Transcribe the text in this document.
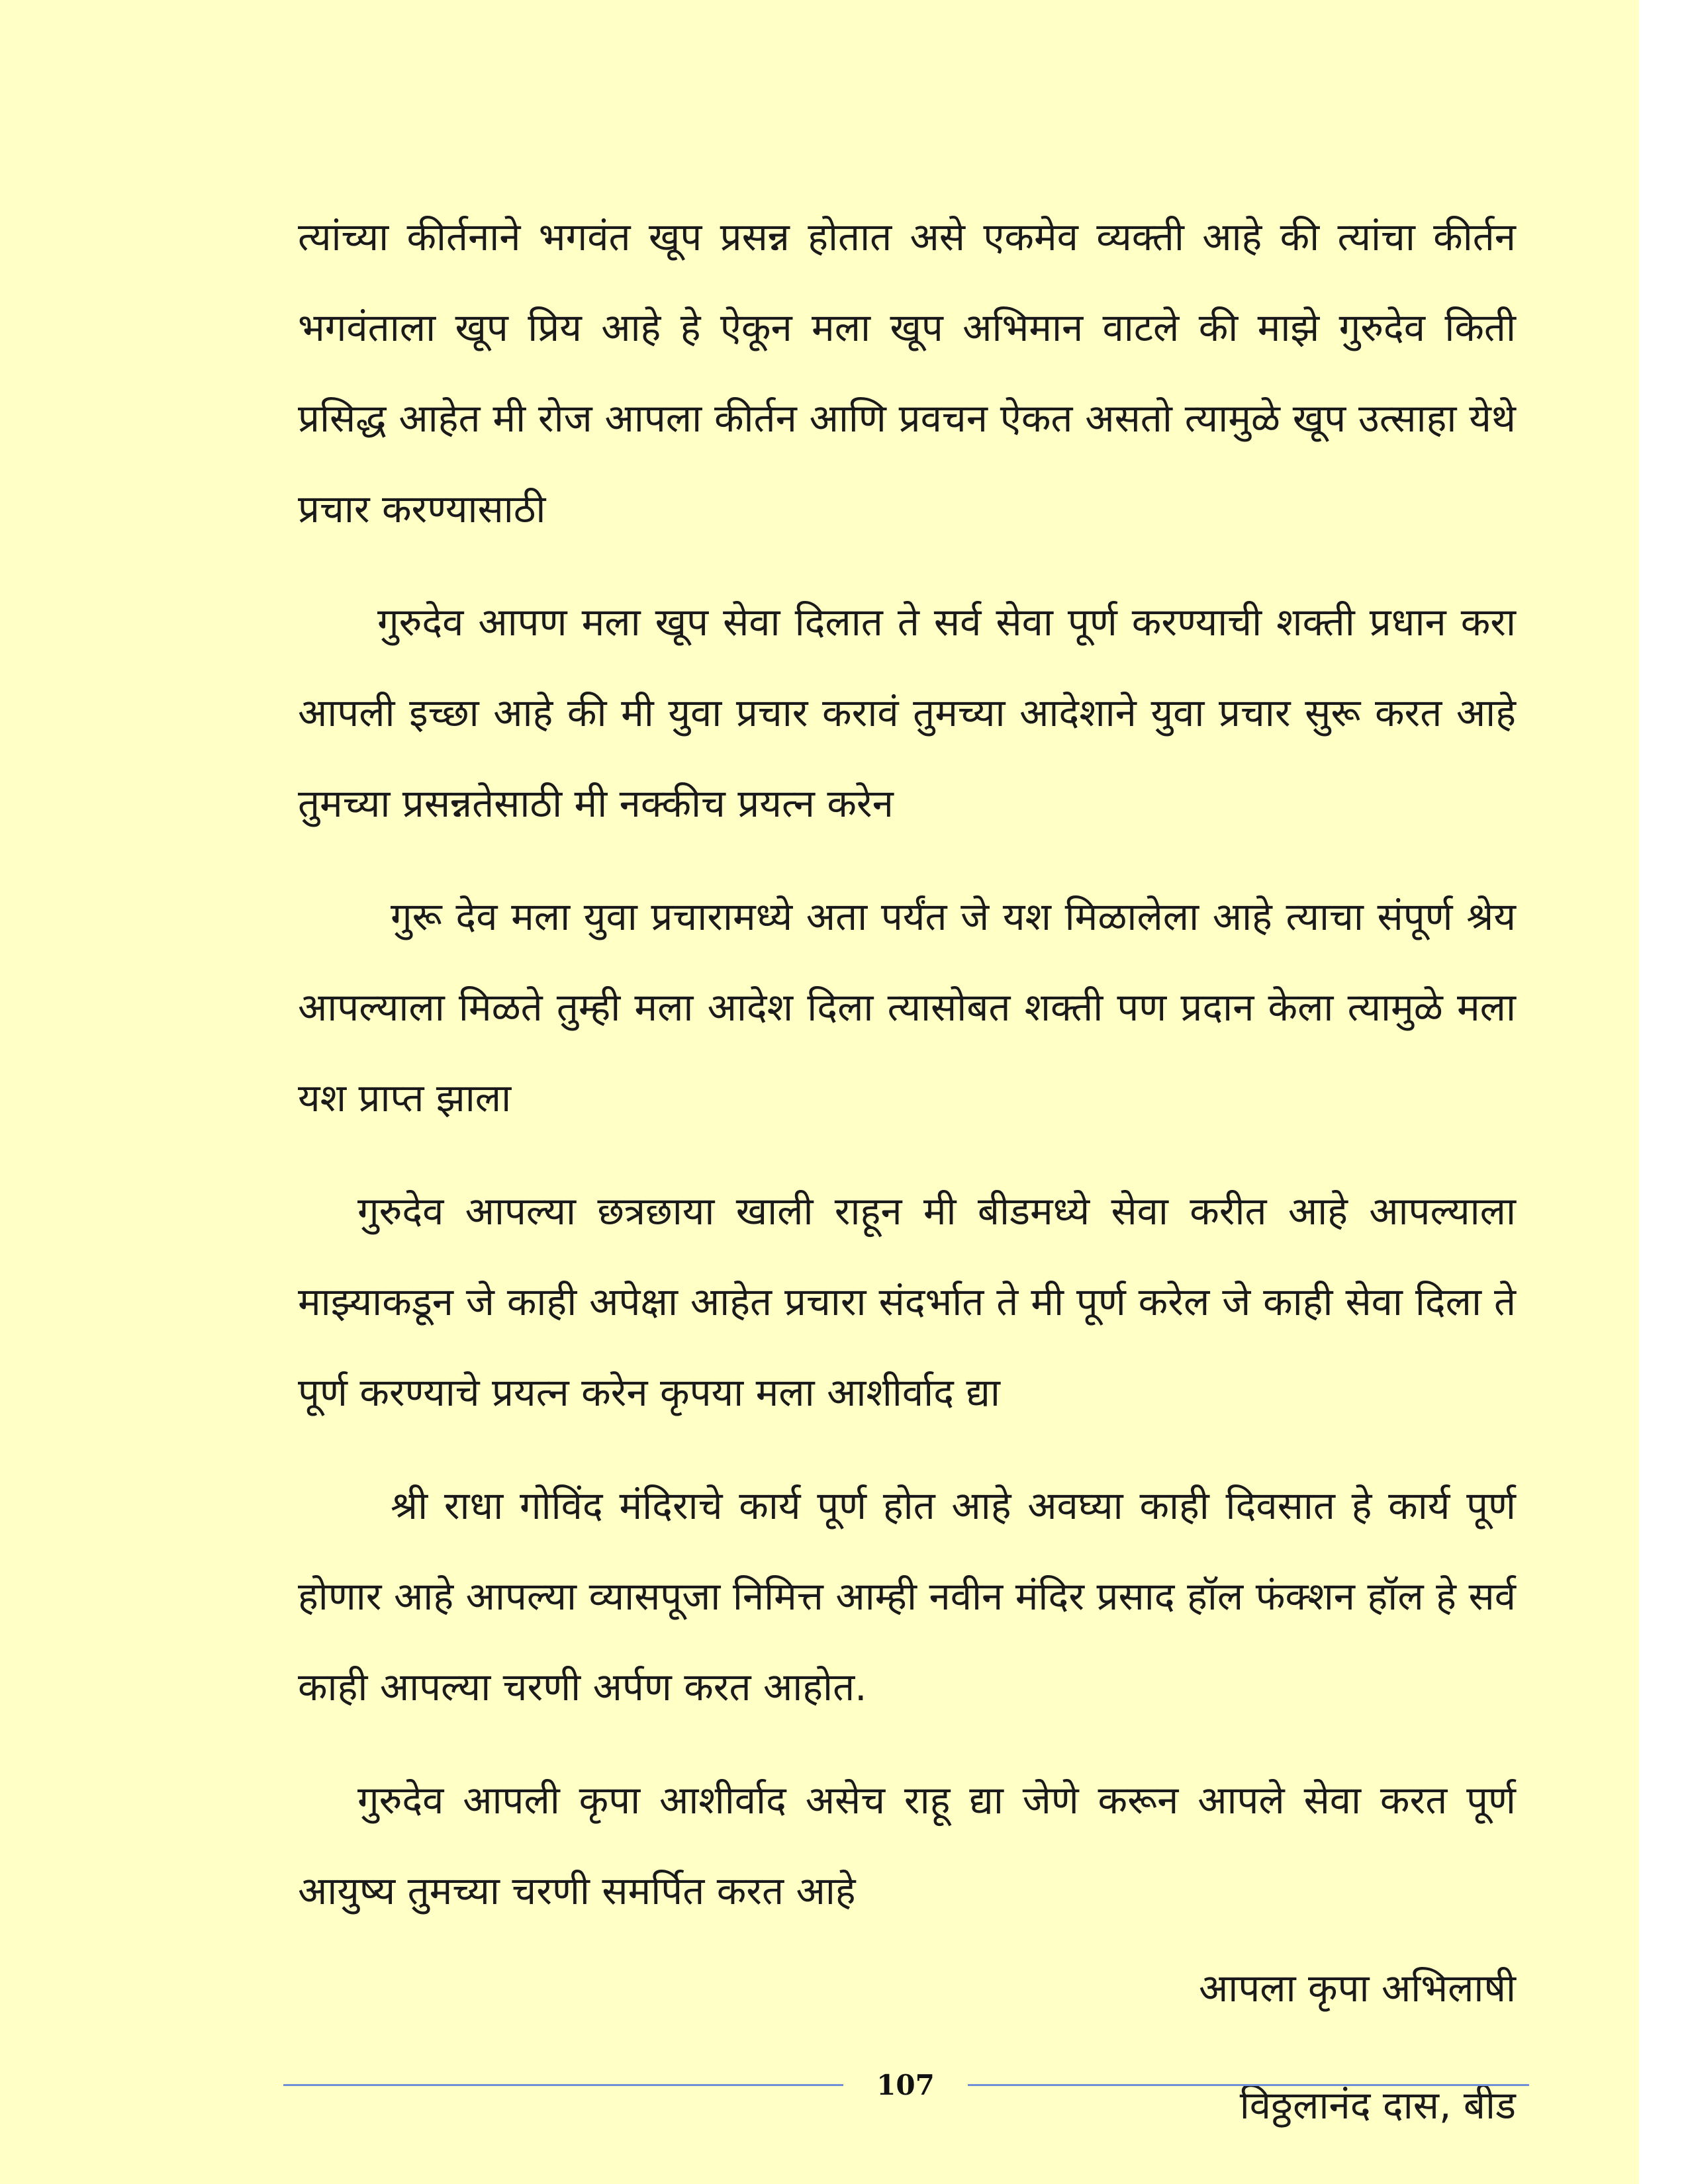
त्यांच्या कीर्तनाने भगवंत खूप प्रसन्न होतात असे एकमेव व्यक्ती आहे की त्यांचा कीर्तन भगवंताला खूप प्रिय आहे हे ऐकून मला खूप अभिमान वाटले की माझे गुरुदेव किती प्रसिद्ध आहेत मी रोज आपला कीर्तन आणि प्रवचन ऐकत असतो त्यामुळे खूप उत्साहा येथे प्रचार करण्यासाठी

गुरुदेव आपण मला खूप सेवा दिलात ते सर्व सेवा पूर्ण करण्याची शक्ती प्रधान करा आपली इच्छा आहे की मी युवा प्रचार करावं तुमच्या आदेशाने युवा प्रचार सुरू करत आहे तुमच्या प्रसन्नतेसाठी मी नक्कीच प्रयत्न करेन

गुरू देव मला युवा प्रचारामध्ये अता पर्यंत जे यश मिळालेला आहे त्याचा संपूर्ण श्रेय आपल्याला मिळते तुम्ही मला आदेश दिला त्यासोबत शक्ती पण प्रदान केला त्यामुळे मला यश प्राप्त झाला

गुरुदेव आपल्या छत्रछाया खाली राहून मी बीडमध्ये सेवा करीत आहे आपल्याला माझ्याकडून जे काही अपेक्षा आहेत प्रचारा संदर्भात ते मी पूर्ण करेल जे काही सेवा दिला ते पूर्ण करण्याचे प्रयत्न करेन कृपया मला आशीर्वाद द्या

श्री राधा गोविंद मंदिराचे कार्य पूर्ण होत आहे अवघ्या काही दिवसात हे कार्य पूर्ण होणार आहे आपल्या व्यासपूजा निमित्त आम्ही नवीन मंदिर प्रसाद हॉल फंक्शन हॉल हे सर्व काही आपल्या चरणी अर्पण करत आहोत.

गुरुदेव आपली कृपा आशीर्वाद असेच राहू द्या जेणे करून आपले सेवा करत पूर्ण आयुष्य तुमच्या चरणी समर्पित करत आहे

आपला कृपा अभिलाषी

विठ्ठलानंद दास, बीड

107
